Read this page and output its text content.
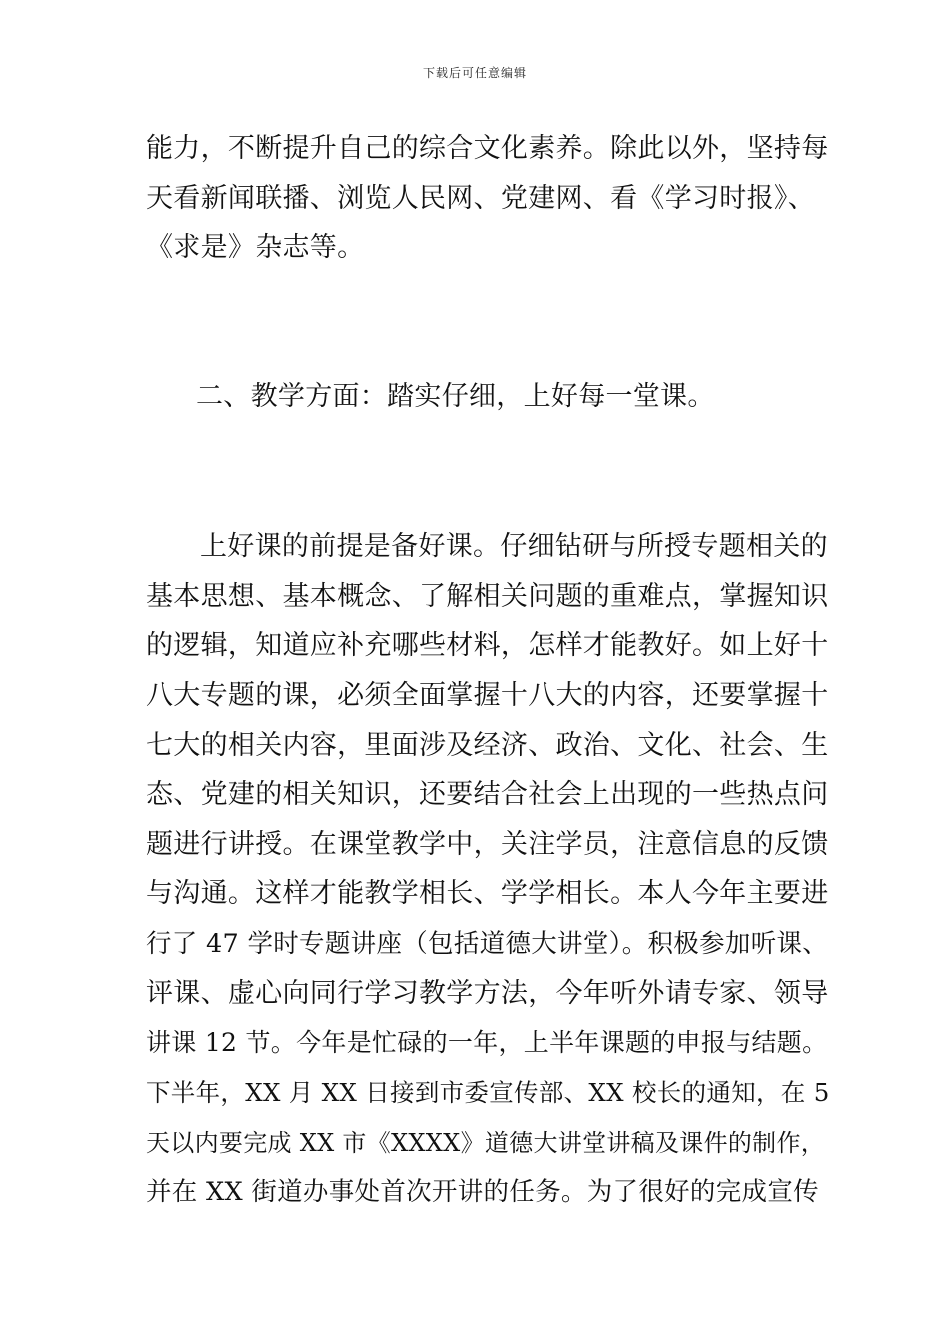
下载后可任意编辑
能力，不断提升自己的综合文化素养。除此以外，坚持每
天看新闻联播、浏览人民网、党建网、看《学习时报》、
《求是》杂志等。
二、教学方面：踏实仔细，上好每一堂课。
上好课的前提是备好课。仔细钻研与所授专题相关的
基本思想、基本概念、了解相关问题的重难点，掌握知识
的逻辑，知道应补充哪些材料，怎样才能教好。如上好十
八大专题的课，必须全面掌握十八大的内容，还要掌握十
七大的相关内容，里面涉及经济、政治、文化、社会、生
态、党建的相关知识，还要结合社会上出现的一些热点问
题进行讲授。在课堂教学中，关注学员，注意信息的反馈
与沟通。这样才能教学相长、学学相长。本人今年主要进
行了 47 学时专题讲座（包括道德大讲堂）。积极参加听课、
评课、虚心向同行学习教学方法，今年听外请专家、领导
讲课 12 节。今年是忙碌的一年，上半年课题的申报与结题。
下半年，XX 月 XX 日接到市委宣传部、XX 校长的通知，在 5
天以内要完成 XX 市《XXXX》道德大讲堂讲稿及课件的制作，
并在 XX 街道办事处首次开讲的任务。为了很好的完成宣传
